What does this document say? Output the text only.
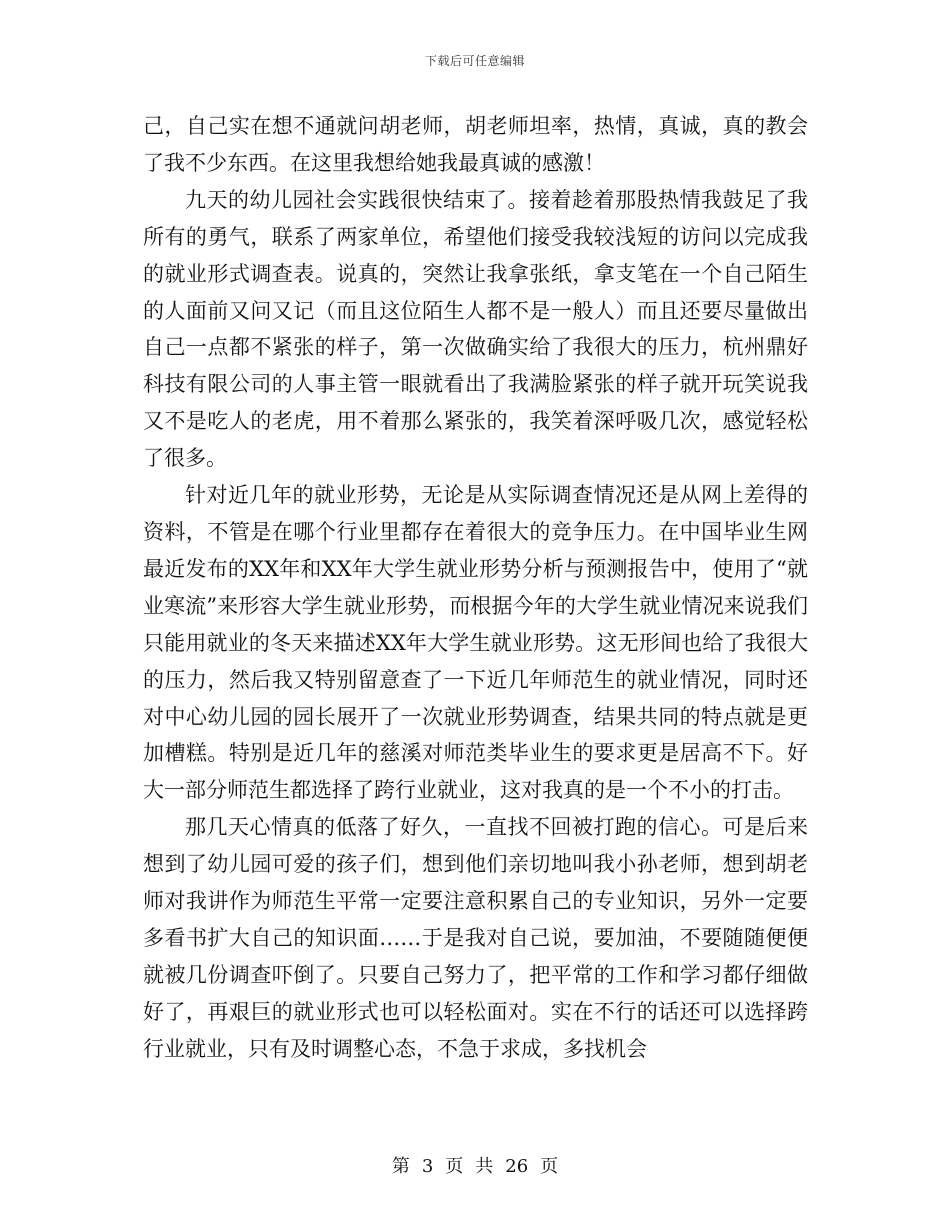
下载后可任意编辑

己，自己实在想不通就问胡老师，胡老师坦率，热情，真诚，真的教会了我不少东西。在这里我想给她我最真诚的感激！

九天的幼儿园社会实践很快结束了。接着趁着那股热情我鼓足了我所有的勇气，联系了两家单位，希望他们接受我较浅短的访问以完成我的就业形式调查表。说真的，突然让我拿张纸，拿支笔在一个自己陌生的人面前又问又记（而且这位陌生人都不是一般人）而且还要尽量做出自己一点都不紧张的样子，第一次做确实给了我很大的压力，杭州鼎好科技有限公司的人事主管一眼就看出了我满脸紧张的样子就开玩笑说我又不是吃人的老虎，用不着那么紧张的，我笑着深呼吸几次，感觉轻松了很多。

针对近几年的就业形势，无论是从实际调查情况还是从网上差得的资料，不管是在哪个行业里都存在着很大的竞争压力。在中国毕业生网最近发布的XX年和XX年大学生就业形势分析与预测报告中，使用了“就业寒流”来形容大学生就业形势，而根据今年的大学生就业情况来说我们只能用就业的冬天来描述XX年大学生就业形势。这无形间也给了我很大的压力，然后我又特别留意查了一下近几年师范生的就业情况，同时还对中心幼儿园的园长展开了一次就业形势调查，结果共同的特点就是更加槽糕。特别是近几年的慈溪对师范类毕业生的要求更是居高不下。好大一部分师范生都选择了跨行业就业，这对我真的是一个不小的打击。

那几天心情真的低落了好久，一直找不回被打跑的信心。可是后来想到了幼儿园可爱的孩子们，想到他们亲切地叫我小孙老师，想到胡老师对我讲作为师范生平常一定要注意积累自己的专业知识，另外一定要多看书扩大自己的知识面……于是我对自己说，要加油，不要随随便便就被几份调查吓倒了。只要自己努力了，把平常的工作和学习都仔细做好了，再艰巨的就业形式也可以轻松面对。实在不行的话还可以选择跨行业就业，只有及时调整心态，不急于求成，多找机会

第 3 页 共 26 页
